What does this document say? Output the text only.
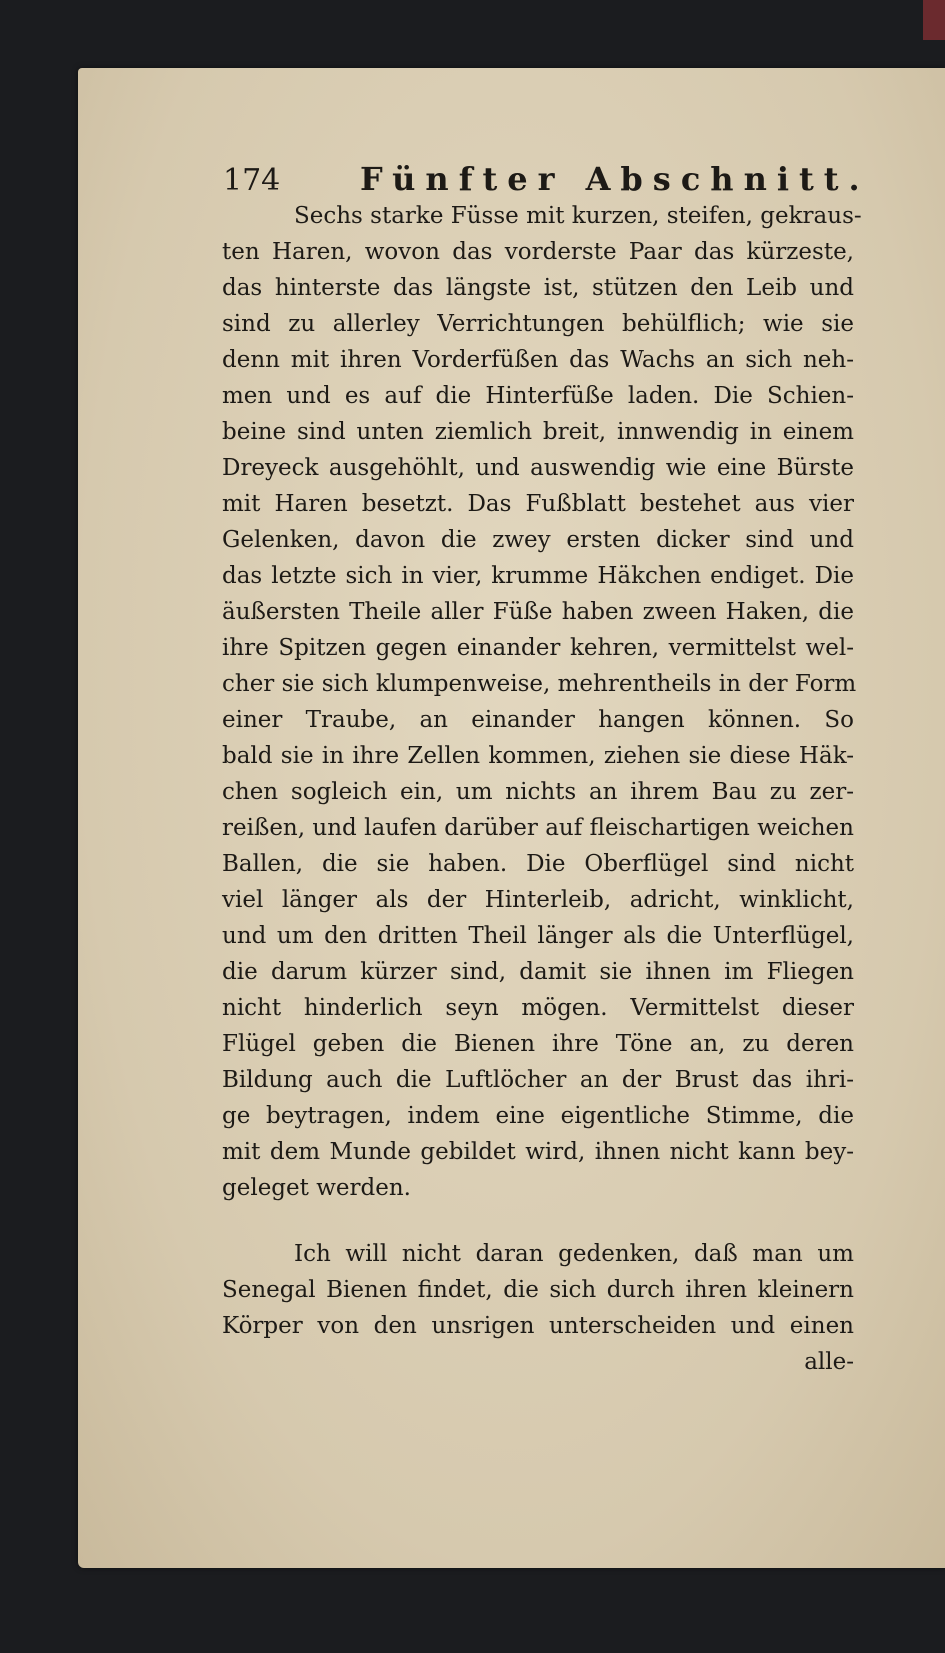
174 Fünfter Abschnitt.
Sechs starke Füsse mit kurzen, steifen, gekraus-
ten Haren, wovon das vorderste Paar das kürzeste,
das hinterste das längste ist, stützen den Leib und
sind zu allerley Verrichtungen behülflich; wie sie
denn mit ihren Vorderfüßen das Wachs an sich neh-
men und es auf die Hinterfüße laden. Die Schien-
beine sind unten ziemlich breit, innwendig in einem
Dreyeck ausgehöhlt, und auswendig wie eine Bürste
mit Haren besetzt. Das Fußblatt bestehet aus vier
Gelenken, davon die zwey ersten dicker sind und
das letzte sich in vier, krumme Häkchen endiget. Die
äußersten Theile aller Füße haben zween Haken, die
ihre Spitzen gegen einander kehren, vermittelst wel-
cher sie sich klumpenweise, mehrentheils in der Form
einer Traube, an einander hangen können. So
bald sie in ihre Zellen kommen, ziehen sie diese Häk-
chen sogleich ein, um nichts an ihrem Bau zu zer-
reißen, und laufen darüber auf fleischartigen weichen
Ballen, die sie haben. Die Oberflügel sind nicht
viel länger als der Hinterleib, adricht, winklicht,
und um den dritten Theil länger als die Unterflügel,
die darum kürzer sind, damit sie ihnen im Fliegen
nicht hinderlich seyn mögen. Vermittelst dieser
Flügel geben die Bienen ihre Töne an, zu deren
Bildung auch die Luftlöcher an der Brust das ihri-
ge beytragen, indem eine eigentliche Stimme, die
mit dem Munde gebildet wird, ihnen nicht kann bey-
geleget werden.
Ich will nicht daran gedenken, daß man um
Senegal Bienen findet, die sich durch ihren kleinern
Körper von den unsrigen unterscheiden und einen
alle-
